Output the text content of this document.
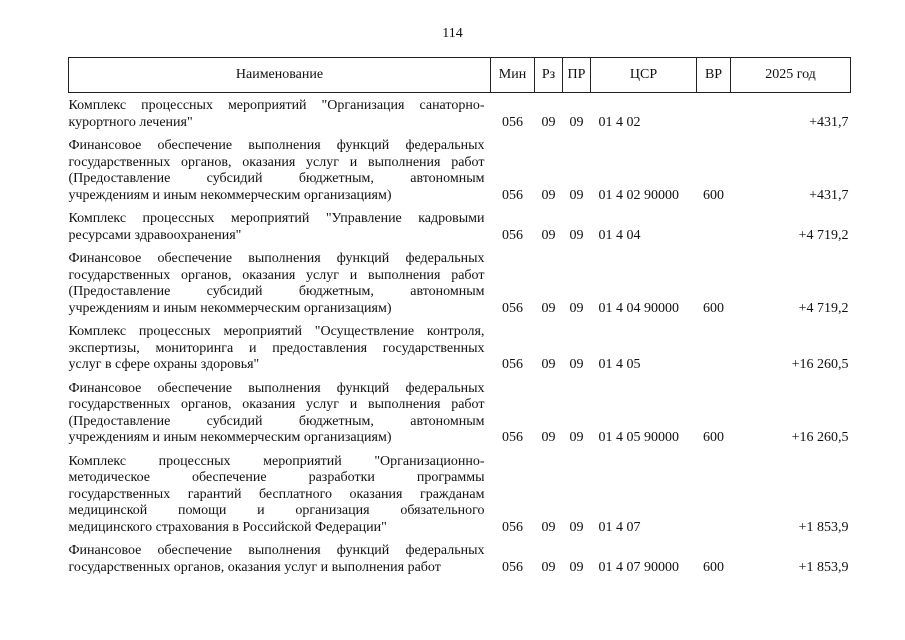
114
Наименование	Мин	Рз	ПР	ЦСР	ВР	2025 год

Комплекс процессных мероприятий "Организация санаторно-
курортного лечения"	056	09	09	01 4 02		+431,7

Финансовое обеспечение выполнения функций федеральных
государственных органов, оказания услуг и выполнения работ
(Предоставление субсидий бюджетным, автономным
учреждениям и иным некоммерческим организациям)	056	09	09	01 4 02 90000	600	+431,7

Комплекс процессных мероприятий "Управление кадровыми
ресурсами здравоохранения"	056	09	09	01 4 04		+4 719,2

Финансовое обеспечение выполнения функций федеральных
государственных органов, оказания услуг и выполнения работ
(Предоставление субсидий бюджетным, автономным
учреждениям и иным некоммерческим организациям)	056	09	09	01 4 04 90000	600	+4 719,2

Комплекс процессных мероприятий "Осуществление контроля,
экспертизы, мониторинга и предоставления государственных
услуг в сфере охраны здоровья"	056	09	09	01 4 05		+16 260,5

Финансовое обеспечение выполнения функций федеральных
государственных органов, оказания услуг и выполнения работ
(Предоставление субсидий бюджетным, автономным
учреждениям и иным некоммерческим организациям)	056	09	09	01 4 05 90000	600	+16 260,5

Комплекс процессных мероприятий "Организационно-
методическое обеспечение разработки программы
государственных гарантий бесплатного оказания гражданам
медицинской помощи и организация обязательного
медицинского страхования в Российской Федерации"	056	09	09	01 4 07		+1 853,9

Финансовое обеспечение выполнения функций федеральных
государственных органов, оказания услуг и выполнения работ	056	09	09	01 4 07 90000	600	+1 853,9
